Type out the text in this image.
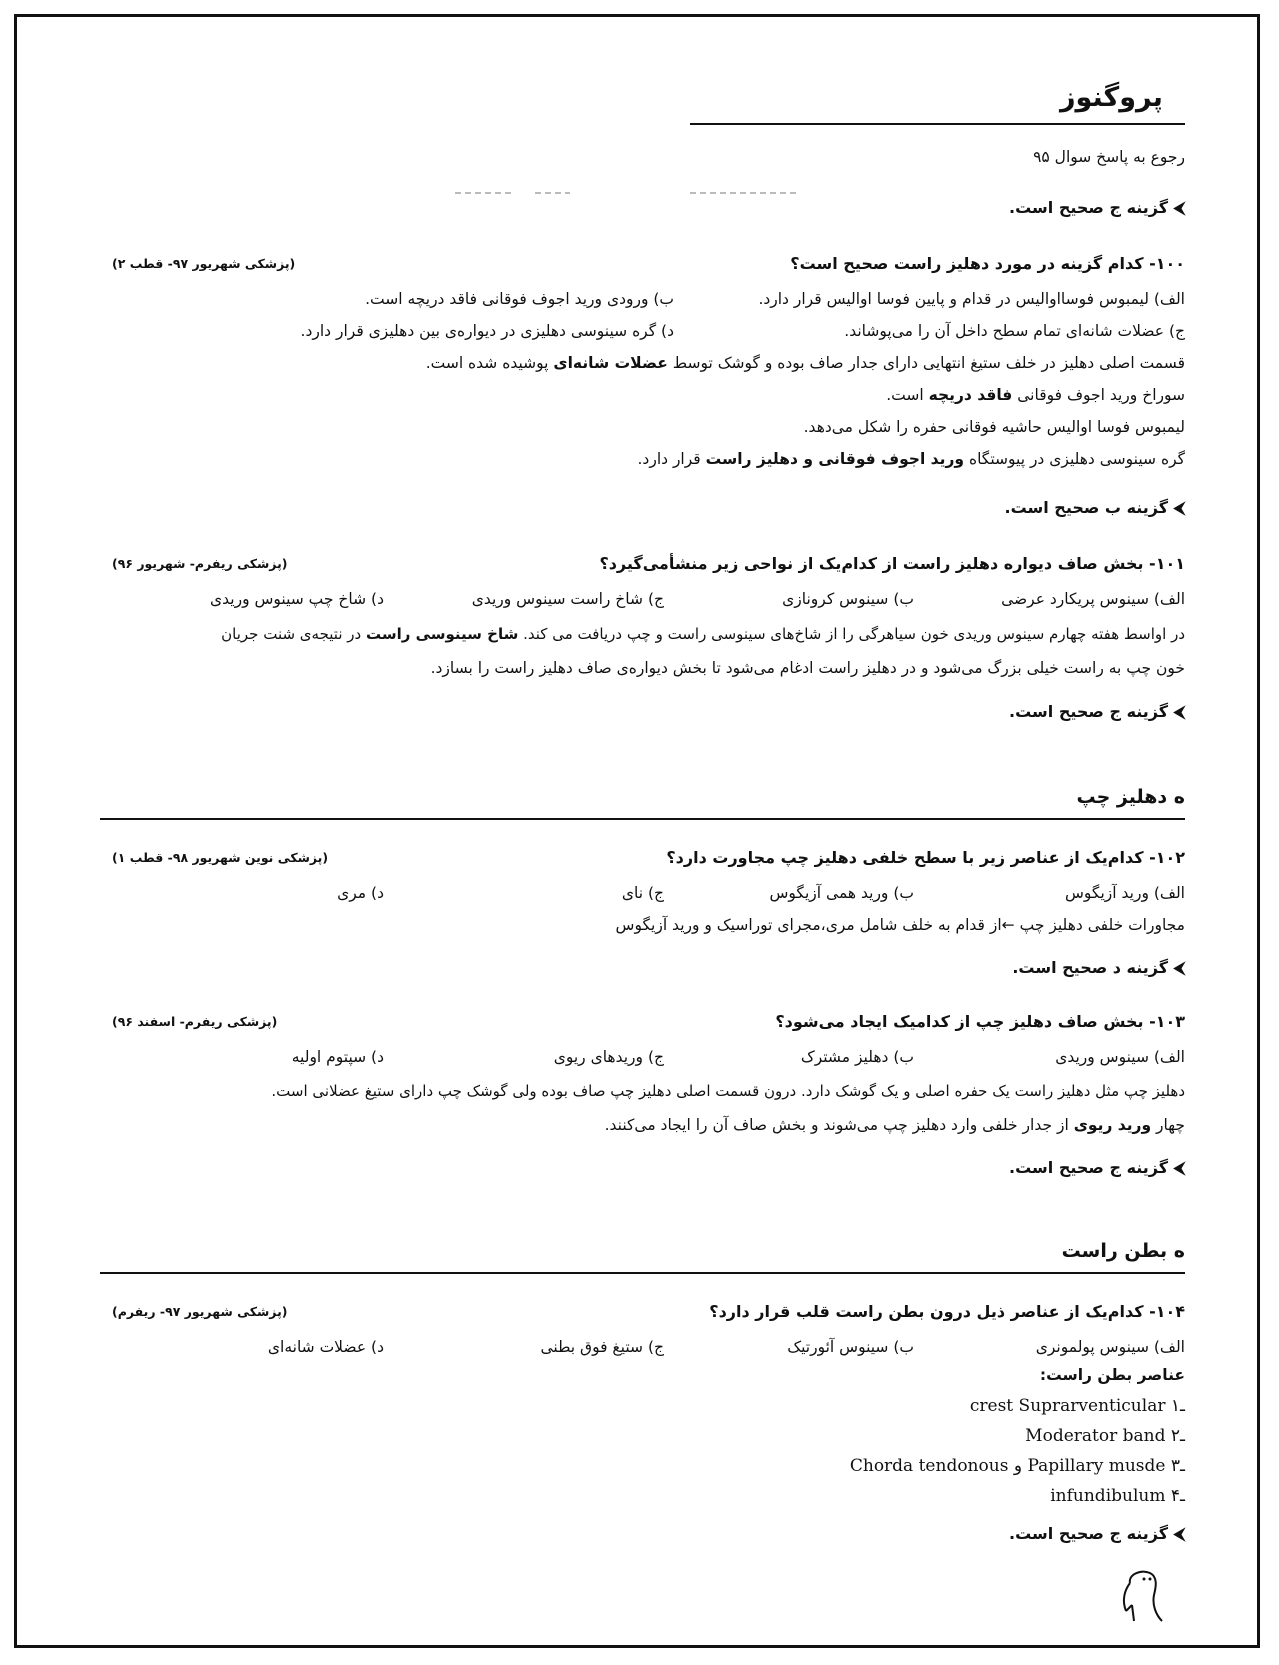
پروگنوز
رجوع به پاسخ سوال ۹۵
⮜ گزینه ج صحیح است.
۱۰۰- کدام گزینه در مورد دهلیز راست صحیح است؟
(پزشکی شهریور ۹۷- قطب ۲)
الف) لیمبوس فوسااوالیس در قدام و پایین فوسا اوالیس قرار دارد.
ب) ورودی ورید اجوف فوقانی فاقد دریچه است.
ج) عضلات شانه‌ای تمام سطح داخل آن را می‌پوشاند.
د) گره سینوسی دهلیزی در دیواره‌ی بین دهلیزی قرار دارد.
قسمت اصلی دهلیز در خلف ستیغ انتهایی دارای جدار صاف بوده و گوشک توسط عضلات شانه‌ای پوشیده شده است.
سوراخ ورید اجوف فوقانی فاقد دریچه است.
لیمبوس فوسا اوالیس حاشیه فوقانی حفره را شکل می‌دهد.
گره سینوسی دهلیزی در پیوستگاه ورید اجوف فوقانی و دهلیز راست قرار دارد.
⮜ گزینه ب صحیح است.
۱۰۱- بخش صاف دیواره دهلیز راست از کدام‌یک از نواحی زیر منشأمی‌گیرد؟
(پزشکی ریفرم- شهریور ۹۶)
الف) سینوس پریکارد عرضی
ب) سینوس کرونازی
ج) شاخ راست سینوس وریدی
د) شاخ چپ سینوس وریدی
در اواسط هفته چهارم سینوس وریدی خون سیاهرگی را از شاخ‌های سینوسی راست و چپ دریافت می کند. شاخ سینوسی راست در نتیجه‌ی شنت جریان
خون چپ به راست خیلی بزرگ می‌شود و در دهلیز راست ادغام می‌شود تا بخش دیواره‌ی صاف دهلیز راست را بسازد.
⮜ گزینه ج صحیح است.
ه دهلیز چپ
۱۰۲- کدام‌یک از عناصر زیر با سطح خلفی دهلیز چپ مجاورت دارد؟
(پزشکی نوین شهریور ۹۸- قطب ۱)
الف) ورید آزیگوس
ب) ورید همی آزیگوس
ج) نای
د) مری
مجاورات خلفی دهلیز چپ ←از قدام به خلف شامل مری،مجرای توراسیک و ورید آزیگوس
⮜ گزینه د صحیح است.
۱۰۳- بخش صاف دهلیز چپ از کدامیک ایجاد می‌شود؟
(پزشکی ریفرم- اسفند ۹۶)
الف) سینوس وریدی
ب) دهلیز مشترک
ج) وریدهای ریوی
د) سپتوم اولیه
دهلیز چپ مثل دهلیز راست یک حفره اصلی و یک گوشک دارد. درون قسمت اصلی دهلیز چپ صاف بوده ولی گوشک چپ دارای ستیغ عضلانی است.
چهار ورید ریوی از جدار خلفی وارد دهلیز چپ می‌شوند و بخش صاف آن را ایجاد می‌کنند.
⮜ گزینه ج صحیح است.
ه بطن راست
۱۰۴- کدام‌یک از عناصر ذیل درون بطن راست قلب قرار دارد؟
(پزشکی شهریور ۹۷- ریفرم)
الف) سینوس پولمونری
ب) سینوس آئورتیک
ج) ستیغ فوق بطنی
د) عضلات شانه‌ای
عناصر بطن راست:
crest Suprarventicular ـ۱
Moderator band ـ۲
Chorda tendonous و Papillary musde ـ۳
infundibulum ـ۴
⮜ گزینه ج صحیح است.
